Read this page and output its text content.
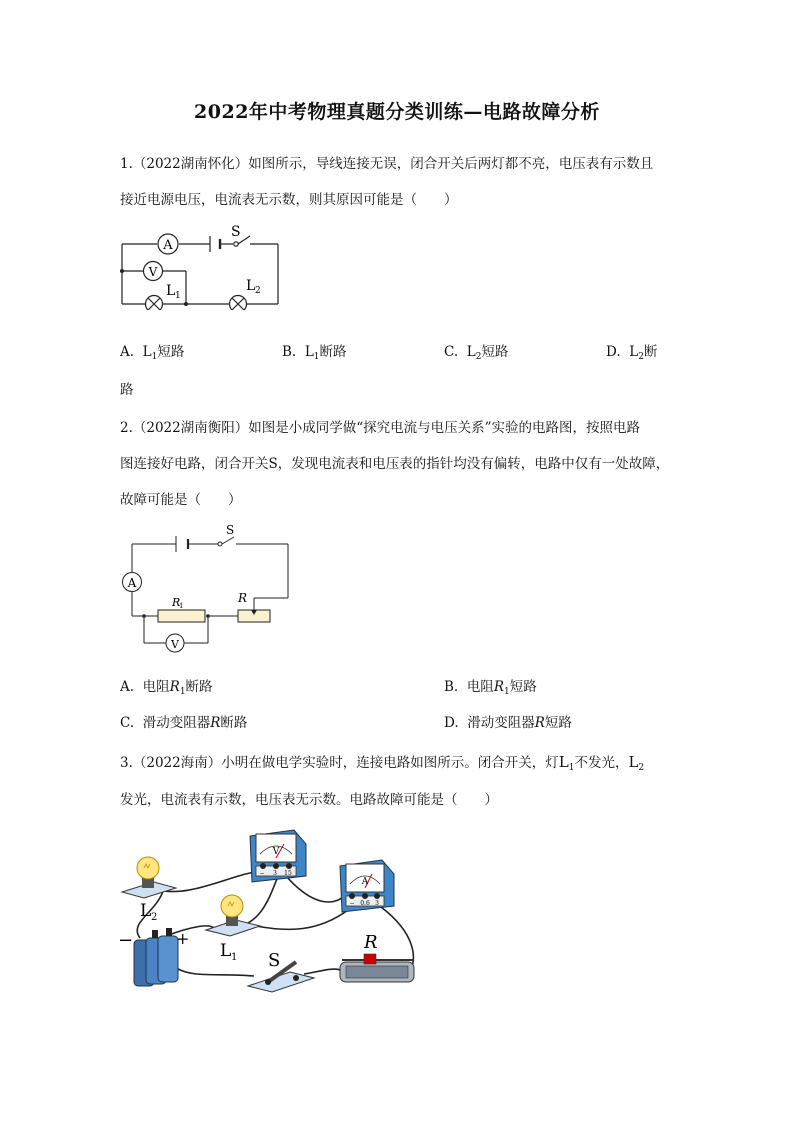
2022年中考物理真题分类训练—电路故障分析
1.（2022湖南怀化）如图所示，导线连接无误，闭合开关后两灯都不亮，电压表有示数且
接近电源电压，电流表无示数，则其原因可能是（　　）
A
V
S
L 1
L 2
A. $L_1$短路	B. $L_1$断路	C. $L_2$短路	D. $L_2$断
路
2.（2022湖南衡阳）如图是小成同学做“探究电流与电压关系”实验的电路图，按照电路
图连接好电路，闭合开关S，发现电流表和电压表的指针均没有偏转，电路中仅有一处故障，
故障可能是（　　）
A
V
S
R
1
R
A. 电阻$R_1$断路	B. 电阻$R_1$短路
C. 滑动变阻器R断路	D. 滑动变阻器R短路
3.（2022海南）小明在做电学实验时，连接电路如图所示。闭合开关，灯$L_1$不发光，$L_2$
发光，电流表有示数，电压表无示数。电路故障可能是（　　）
L 2
L 1
V
− 3 15
A
− 0.6 3
−	+
S
R
